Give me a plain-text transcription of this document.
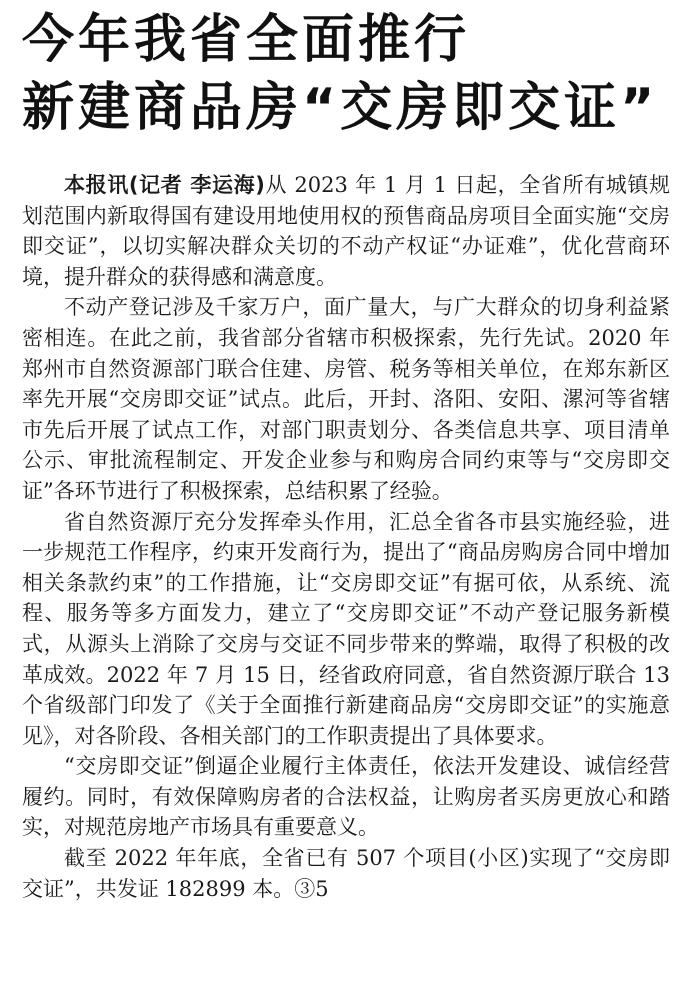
今年我省全面推行
新建商品房“交房即交证”

本报讯(记者 李运海)从 2023 年 1 月 1 日起，全省所有城镇规划范围内新取得国有建设用地使用权的预售商品房项目全面实施“交房即交证”，以切实解决群众关切的不动产权证“办证难”，优化营商环境，提升群众的获得感和满意度。

不动产登记涉及千家万户，面广量大，与广大群众的切身利益紧密相连。在此之前，我省部分省辖市积极探索，先行先试。2020 年郑州市自然资源部门联合住建、房管、税务等相关单位，在郑东新区率先开展“交房即交证”试点。此后，开封、洛阳、安阳、漯河等省辖市先后开展了试点工作，对部门职责划分、各类信息共享、项目清单公示、审批流程制定、开发企业参与和购房合同约束等与“交房即交证”各环节进行了积极探索，总结积累了经验。

省自然资源厅充分发挥牵头作用，汇总全省各市县实施经验，进一步规范工作程序，约束开发商行为，提出了“商品房购房合同中增加相关条款约束”的工作措施，让“交房即交证”有据可依，从系统、流程、服务等多方面发力，建立了“交房即交证”不动产登记服务新模式，从源头上消除了交房与交证不同步带来的弊端，取得了积极的改革成效。2022 年 7 月 15 日，经省政府同意，省自然资源厅联合 13 个省级部门印发了《关于全面推行新建商品房“交房即交证”的实施意见》，对各阶段、各相关部门的工作职责提出了具体要求。

“交房即交证”倒逼企业履行主体责任，依法开发建设、诚信经营履约。同时，有效保障购房者的合法权益，让购房者买房更放心和踏实，对规范房地产市场具有重要意义。

截至 2022 年年底，全省已有 507 个项目(小区)实现了“交房即交证”，共发证 182899 本。③5
